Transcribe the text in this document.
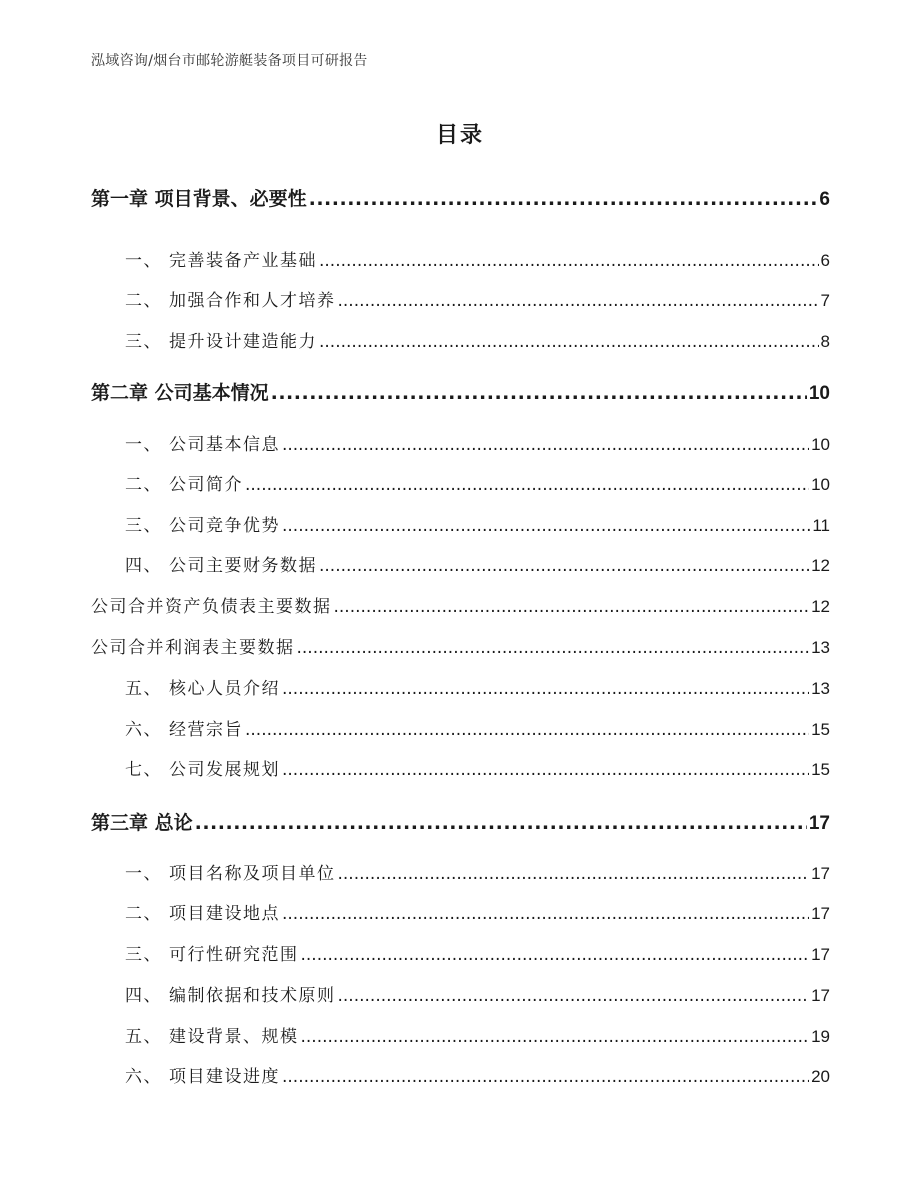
泓域咨询/烟台市邮轮游艇装备项目可研报告
目录
第一章 项目背景、必要性 .....	6
一、 完善装备产业基础 .....	6
二、 加强合作和人才培养 .....	7
三、 提升设计建造能力 .....	8
第二章 公司基本情况 .....	10
一、 公司基本信息 .....	10
二、 公司简介 .....	10
三、 公司竞争优势 .....	11
四、 公司主要财务数据 .....	12
公司合并资产负债表主要数据 .....	12
公司合并利润表主要数据 .....	13
五、 核心人员介绍 .....	13
六、 经营宗旨 .....	15
七、 公司发展规划 .....	15
第三章 总论 .....	17
一、 项目名称及项目单位 .....	17
二、 项目建设地点 .....	17
三、 可行性研究范围 .....	17
四、 编制依据和技术原则 .....	17
五、 建设背景、规模 .....	19
六、 项目建设进度 .....	20
